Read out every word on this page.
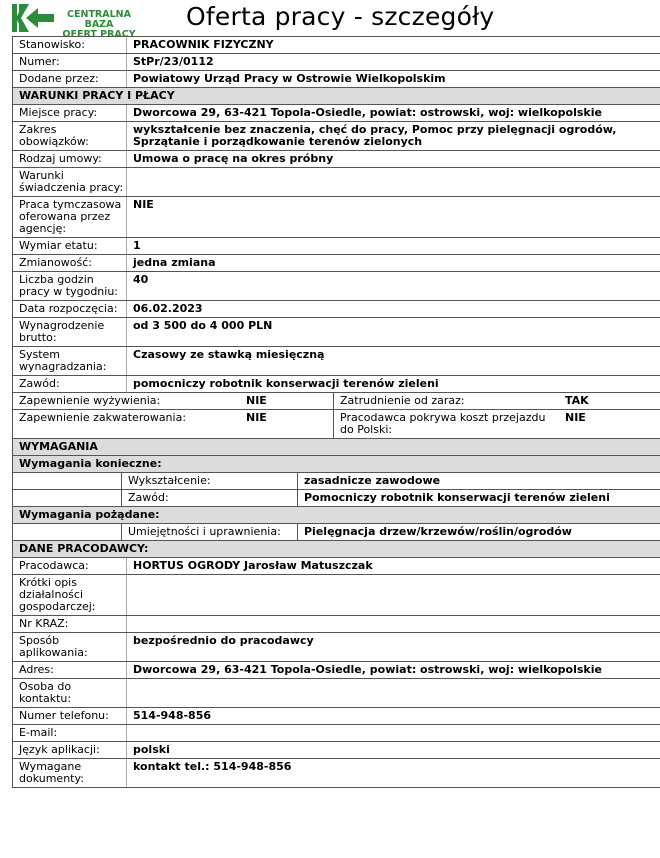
CENTRALNA BAZA
OFERT PRACY
Oferta pracy - szczegóły
Stanowisko:	PRACOWNIK FIZYCZNY
Numer:	StPr/23/0112
Dodane przez:	Powiatowy Urząd Pracy w Ostrowie Wielkopolskim
WARUNKI PRACY I PŁACY
Miejsce pracy:	Dworcowa 29, 63-421 Topola-Osiedle, powiat: ostrowski, woj: wielkopolskie
Zakres obowiązków:
wykształcenie bez znaczenia, chęć do pracy, Pomoc przy pielęgnacji ogrodów, Sprzątanie i porządkowanie terenów zielonych
Rodzaj umowy:	Umowa o pracę na okres próbny
Warunki świadczenia pracy:
Praca tymczasowa oferowana przez agencję:
NIE
Wymiar etatu:	1
Zmianowość:	jedna zmiana
Liczba godzin pracy w tygodniu:
40
Data rozpoczęcia:	06.02.2023
Wynagrodzenie brutto:
od 3 500 do 4 000 PLN
System wynagradzania:
Czasowy ze stawką miesięczną
Zawód:	pomocniczy robotnik konserwacji terenów zieleni
Zapewnienie wyżywienia:	NIE	Zatrudnienie od zaraz:	TAK
Zapewnienie zakwaterowania:	NIE	Pracodawca pokrywa koszt przejazdu do Polski:
NIE
WYMAGANIA
Wymagania konieczne:
Wykształcenie:	zasadnicze zawodowe
Zawód:	Pomocniczy robotnik konserwacji terenów zieleni
Wymagania pożądane:
Umiejętności i uprawnienia:	Pielęgnacja drzew/krzewów/roślin/ogrodów
DANE PRACODAWCY:
Pracodawca:	HORTUS OGRODY Jarosław Matuszczak
Krótki opis działalności gospodarczej:
Nr KRAZ:
Sposób aplikowania:
bezpośrednio do pracodawcy
Adres:	Dworcowa 29, 63-421 Topola-Osiedle, powiat: ostrowski, woj: wielkopolskie
Osoba do kontaktu:
Numer telefonu:	514-948-856
E-mail:
Język aplikacji:	polski
Wymagane dokumenty:
kontakt tel.: 514-948-856
